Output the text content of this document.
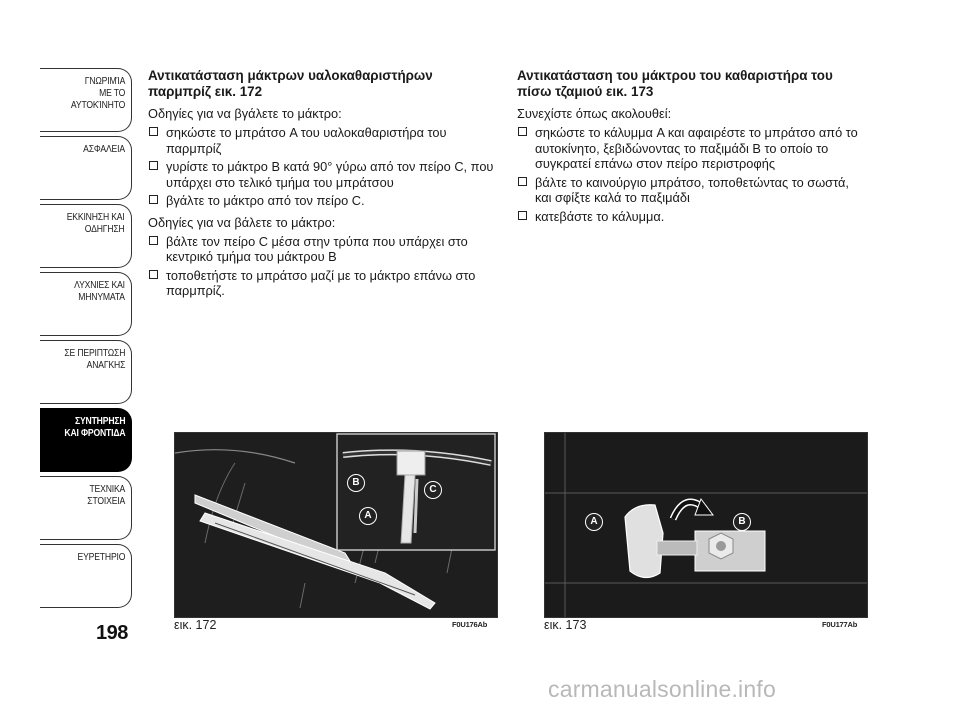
ΓΝΩΡΙΜΊΑ
ΜΕ ΤΟ
ΑΥΤΟΚΊΝΗΤΟ
ΑΣΦΑΛΕΙΑ
ΕΚΚΙΝΗΣΗ ΚΑΙ
ΟΔΗΓΗΣΗ
ΛΥΧΝΙΕΣ ΚΑΙ
ΜΗΝΥΜΑΤΑ
ΣΕ ΠΕΡΙΠΤΩΣΗ
ΑΝΑΓΚΗΣ
ΣΥΝΤΗΡΗΣΗ
ΚΑΙ ΦΡΟΝΤΙΔΑ
ΤΕΧΝΙΚΑ
ΣΤΟΙΧΕΙΑ
ΕΥΡΕΤΗΡΙΟ
198
Αντικατάσταση μάκτρων υαλοκαθαριστήρων παρμπρίζ εικ. 172
Οδηγίες για να βγάλετε το μάκτρο:
σηκώστε το μπράτσο A του υαλοκαθαριστήρα του παρμπρίζ
γυρίστε το μάκτρο B κατά 90° γύρω από τον πείρο C, που υπάρχει στο τελικό τμήμα του μπράτσου
βγάλτε το μάκτρο από τον πείρο C.
Οδηγίες για να βάλετε το μάκτρο:
βάλτε τον πείρο C μέσα στην τρύπα που υπάρχει στο κεντρικό τμήμα του μάκτρου B
τοποθετήστε το μπράτσο μαζί με το μάκτρο επάνω στο παρμπρίζ.
Αντικατάσταση του μάκτρου του καθαριστήρα του πίσω τζαμιού εικ. 173
Συνεχίστε όπως ακολουθεί:
σηκώστε το κάλυμμα A και αφαιρέστε το μπράτσο από το αυτοκίνητο, ξεβιδώνοντας το παξιμάδι B το οποίο το συγκρατεί επάνω στον πείρο περιστροφής
βάλτε το καινούργιο μπράτσο, τοποθετώντας το σωστά, και σφίξτε καλά το παξιμάδι
κατεβάστε το κάλυμμα.
B
C
A
εικ. 172	F0U176Ab
A	B
εικ. 173	F0U177Ab
carmanualsonline.info
